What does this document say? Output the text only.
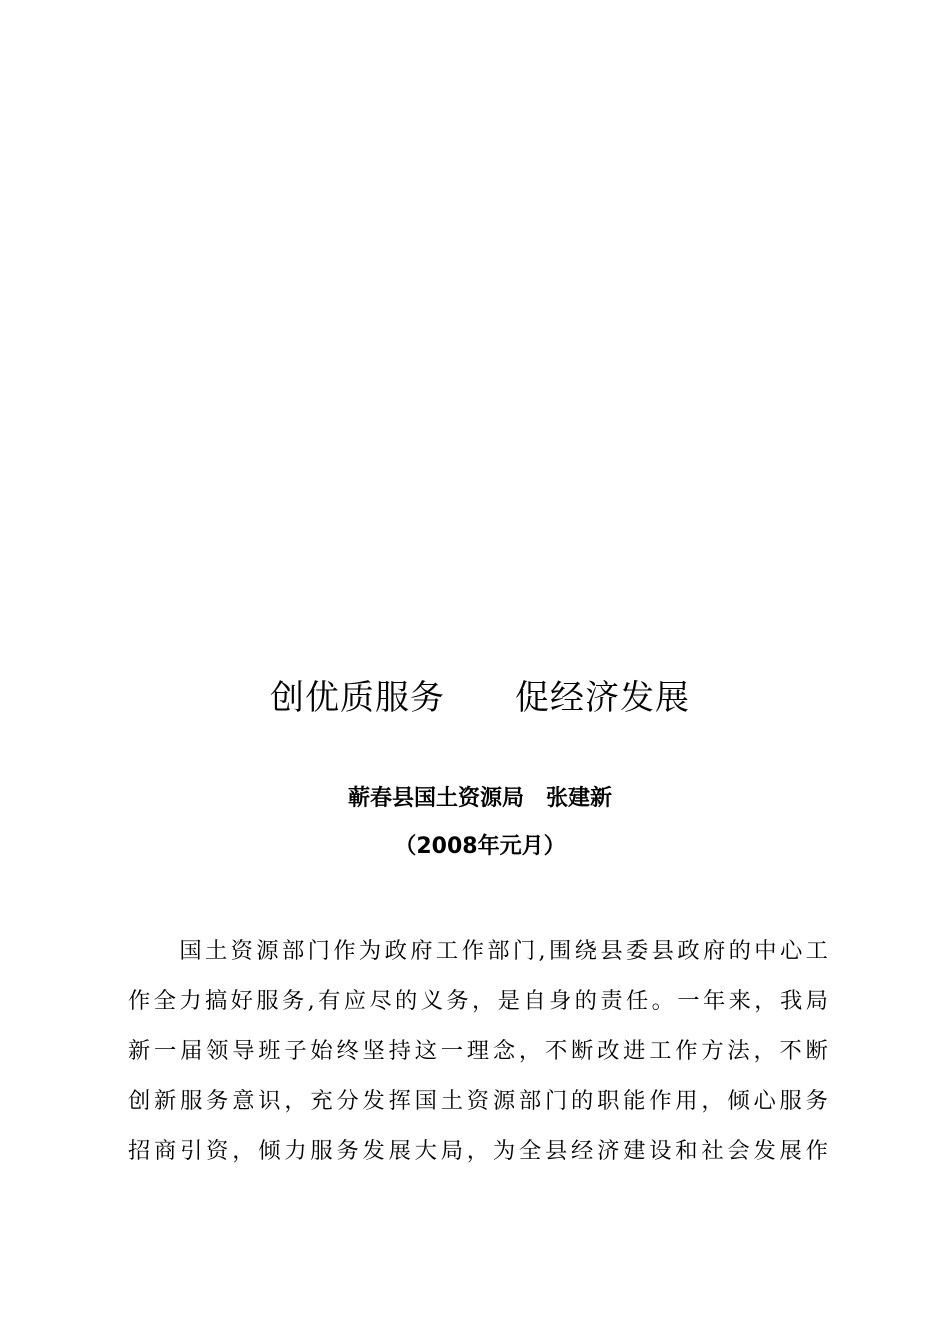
创优质服务　　促经济发展
蕲春县国土资源局　张建新
（2008年元月）
　　国土资源部门作为政府工作部门,围绕县委县政府的中心工
作全力搞好服务,有应尽的义务，是自身的责任。一年来，我局
新一届领导班子始终坚持这一理念，不断改进工作方法，不断
创新服务意识，充分发挥国土资源部门的职能作用，倾心服务
招商引资，倾力服务发展大局，为全县经济建设和社会发展作
